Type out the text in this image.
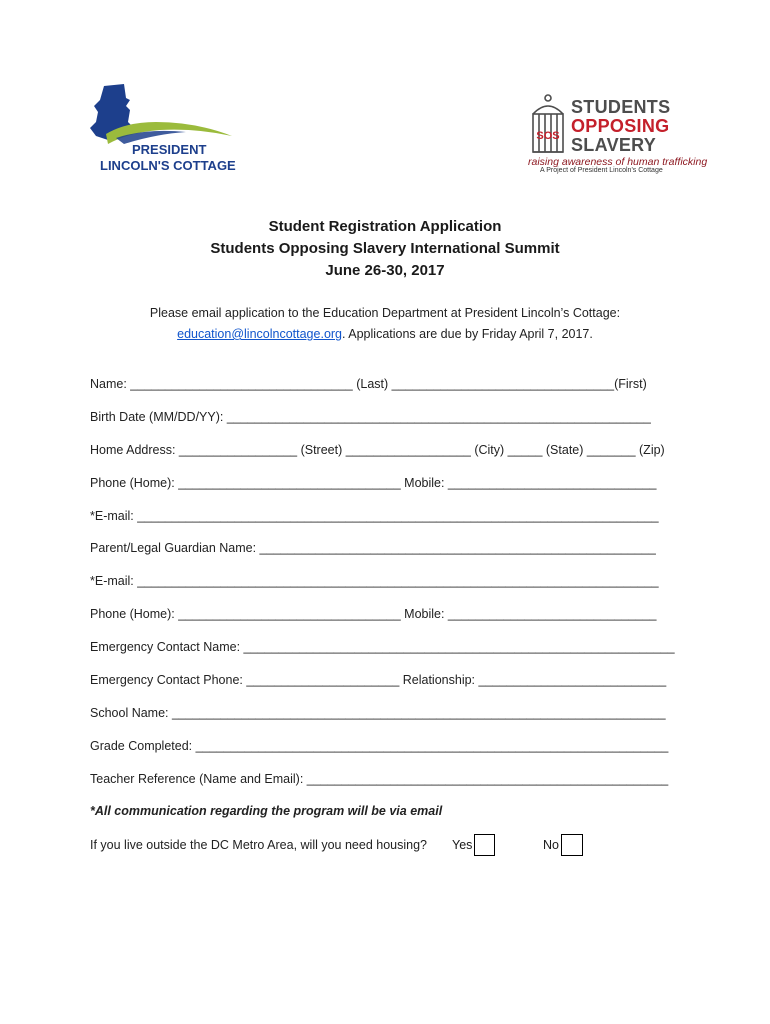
PRESIDENT
LINCOLN'S COTTAGE
SOS
STUDENTS
OPPOSING
SLAVERY
raising awareness of human trafficking
A Project of President Lincoln's Cottage
Student Registration Application
Students Opposing Slavery International Summit
June 26-30, 2017
Please email application to the Education Department at President Lincoln’s Cottage:
education@lincolncottage.org. Applications are due by Friday April 7, 2017.
Name: ________________________________ (Last) ________________________________(First)
Birth Date (MM/DD/YY): _____________________________________________________________
Home Address: _________________ (Street) __________________ (City) _____ (State) _______ (Zip)
Phone (Home): ________________________________ Mobile: ______________________________
*E-mail: ___________________________________________________________________________
Parent/Legal Guardian Name: _________________________________________________________
*E-mail: ___________________________________________________________________________
Phone (Home): ________________________________ Mobile: ______________________________
Emergency Contact Name: ______________________________________________________________
Emergency Contact Phone: ______________________ Relationship: ___________________________
School Name: _______________________________________________________________________
Grade Completed: ____________________________________________________________________
Teacher Reference (Name and Email): ____________________________________________________
*All communication regarding the program will be via email
If you live outside the DC Metro Area, will you need housing? Yes	No
